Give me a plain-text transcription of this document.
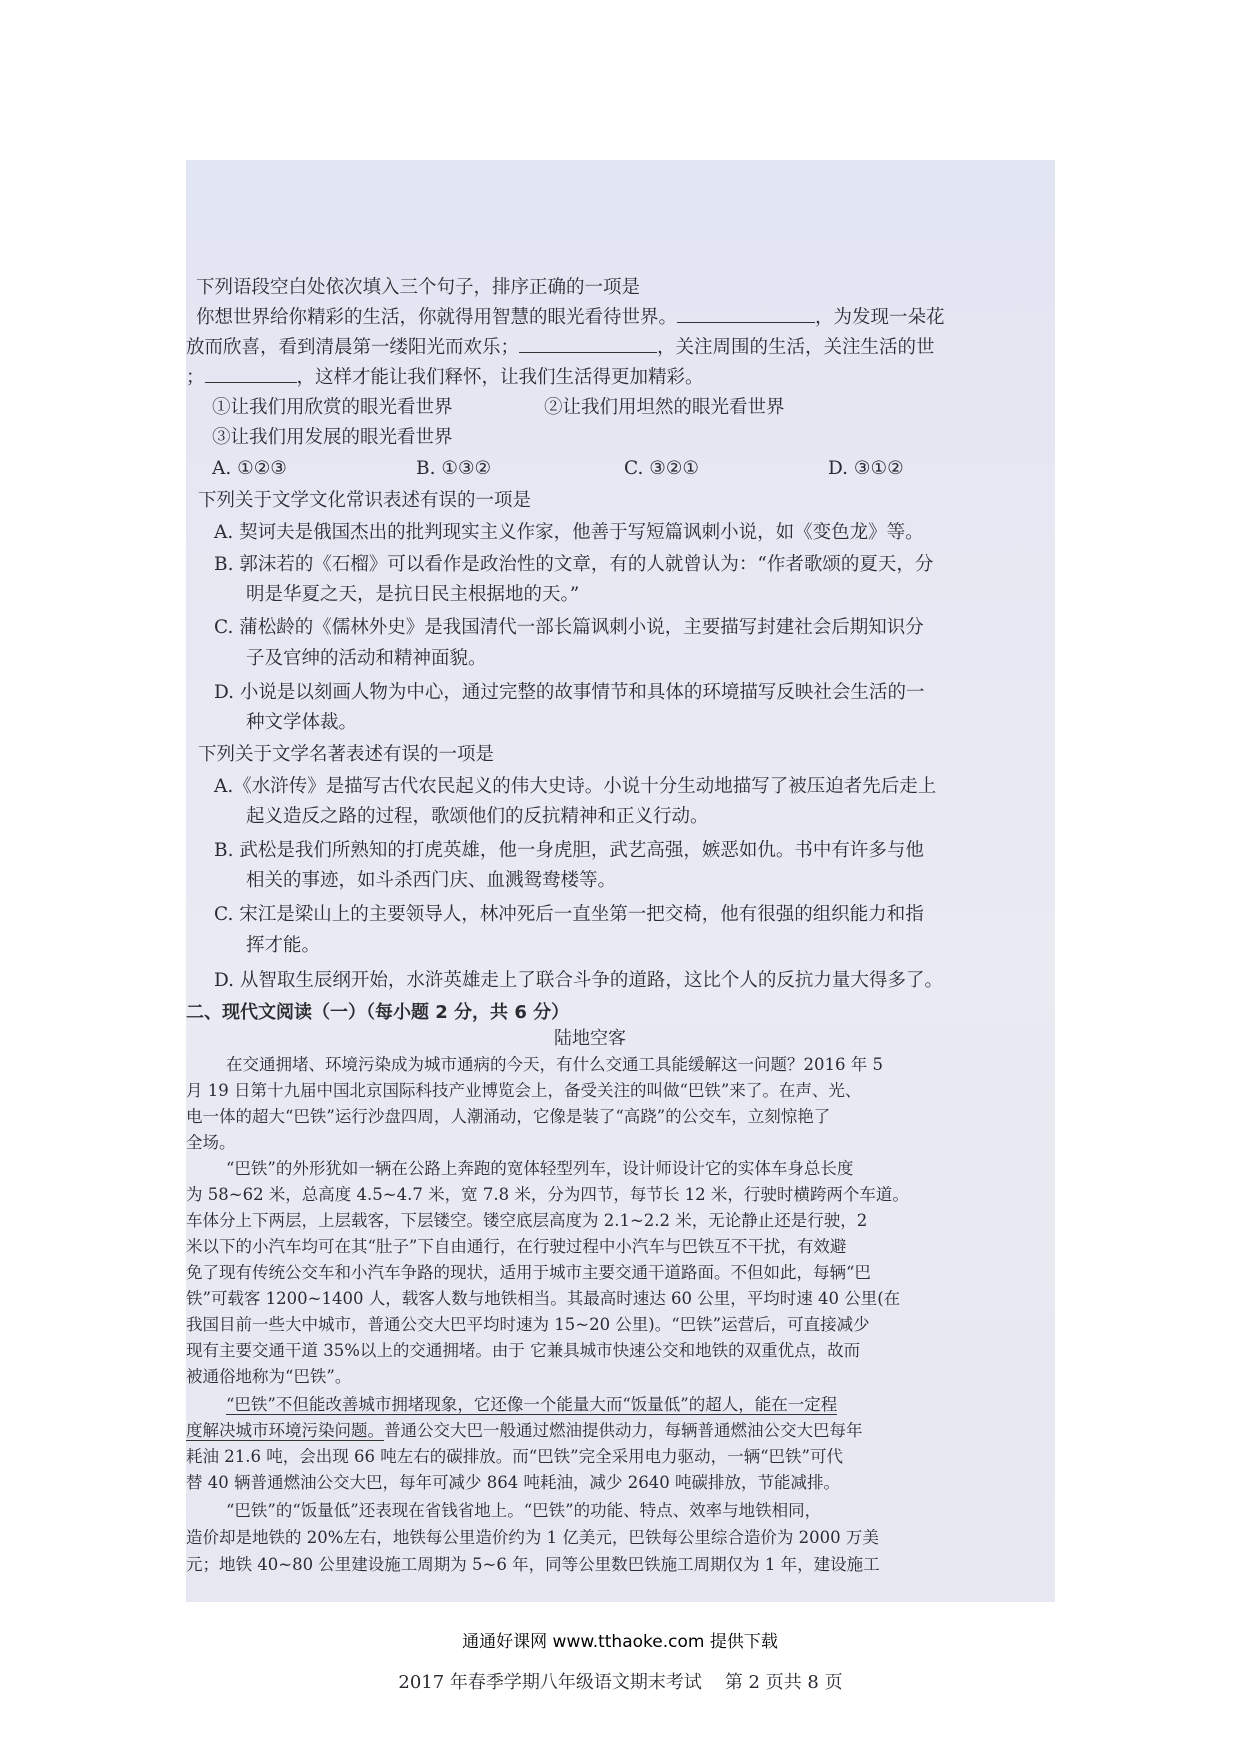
下列语段空白处依次填入三个句子，排序正确的一项是
你想世界给你精彩的生活，你就得用智慧的眼光看待世界。	，为发现一朵花
放而欣喜，看到清晨第一缕阳光而欢乐；	，关注周围的生活，关注生活的世
；	，这样才能让我们释怀，让我们生活得更加精彩。
①让我们用欣赏的眼光看世界	②让我们用坦然的眼光看世界
③让我们用发展的眼光看世界
A. ①②③	B. ①③②	C. ③②①	D. ③①②
下列关于文学文化常识表述有误的一项是
A. 契诃夫是俄国杰出的批判现实主义作家，他善于写短篇讽刺小说，如《变色龙》等。
B. 郭沫若的《石榴》可以看作是政治性的文章，有的人就曾认为：“作者歌颂的夏天，分
明是华夏之天，是抗日民主根据地的天。”
C. 蒲松龄的《儒林外史》是我国清代一部长篇讽刺小说，主要描写封建社会后期知识分
子及官绅的活动和精神面貌。
D. 小说是以刻画人物为中心，通过完整的故事情节和具体的环境描写反映社会生活的一
种文学体裁。
下列关于文学名著表述有误的一项是
A.《水浒传》是描写古代农民起义的伟大史诗。小说十分生动地描写了被压迫者先后走上
起义造反之路的过程，歌颂他们的反抗精神和正义行动。
B. 武松是我们所熟知的打虎英雄，他一身虎胆，武艺高强，嫉恶如仇。书中有许多与他
相关的事迹，如斗杀西门庆、血溅鸳鸯楼等。
C. 宋江是梁山上的主要领导人，林冲死后一直坐第一把交椅，他有很强的组织能力和指
挥才能。
D. 从智取生辰纲开始，水浒英雄走上了联合斗争的道路，这比个人的反抗力量大得多了。
二、现代文阅读（一）（每小题 2 分，共 6 分）
陆地空客
在交通拥堵、环境污染成为城市通病的今天，有什么交通工具能缓解这一问题？2016 年 5
月 19 日第十九届中国北京国际科技产业博览会上，备受关注的叫做“巴铁”来了。在声、光、
电一体的超大“巴铁”运行沙盘四周，人潮涌动，它像是装了“高跷”的公交车，立刻惊艳了
全场。
“巴铁”的外形犹如一辆在公路上奔跑的宽体轻型列车，设计师设计它的实体车身总长度
为 58~62 米，总高度 4.5~4.7 米，宽 7.8 米，分为四节，每节长 12 米，行驶时横跨两个车道。
车体分上下两层，上层载客，下层镂空。镂空底层高度为 2.1~2.2 米，无论静止还是行驶，2
米以下的小汽车均可在其“肚子”下自由通行，在行驶过程中小汽车与巴铁互不干扰，有效避
免了现有传统公交车和小汽车争路的现状，适用于城市主要交通干道路面。不但如此，每辆“巴
铁”可载客 1200~1400 人，载客人数与地铁相当。其最高时速达 60 公里，平均时速 40 公里(在
我国目前一些大中城市，普通公交大巴平均时速为 15~20 公里)。“巴铁”运营后，可直接减少
现有主要交通干道 35%以上的交通拥堵。由于 它兼具城市快速公交和地铁的双重优点，故而
被通俗地称为“巴铁”。
“巴铁”不但能改善城市拥堵现象，它还像一个能量大而“饭量低”的超人，能在一定程
度解决城市环境污染问题。普通公交大巴一般通过燃油提供动力，每辆普通燃油公交大巴每年
耗油 21.6 吨，会出现 66 吨左右的碳排放。而“巴铁”完全采用电力驱动，一辆“巴铁”可代
替 40 辆普通燃油公交大巴，每年可减少 864 吨耗油，减少 2640 吨碳排放，节能减排。
“巴铁”的“饭量低”还表现在省钱省地上。“巴铁”的功能、特点、效率与地铁相同，
造价却是地铁的 20%左右，地铁每公里造价约为 1 亿美元，巴铁每公里综合造价为 2000 万美
元；地铁 40~80 公里建设施工周期为 5~6 年，同等公里数巴铁施工周期仅为 1 年，建设施工
2017 年春季学期八年级语文期末考试 第 2 页共 8 页
通通好课网 www.tthaoke.com 提供下载
